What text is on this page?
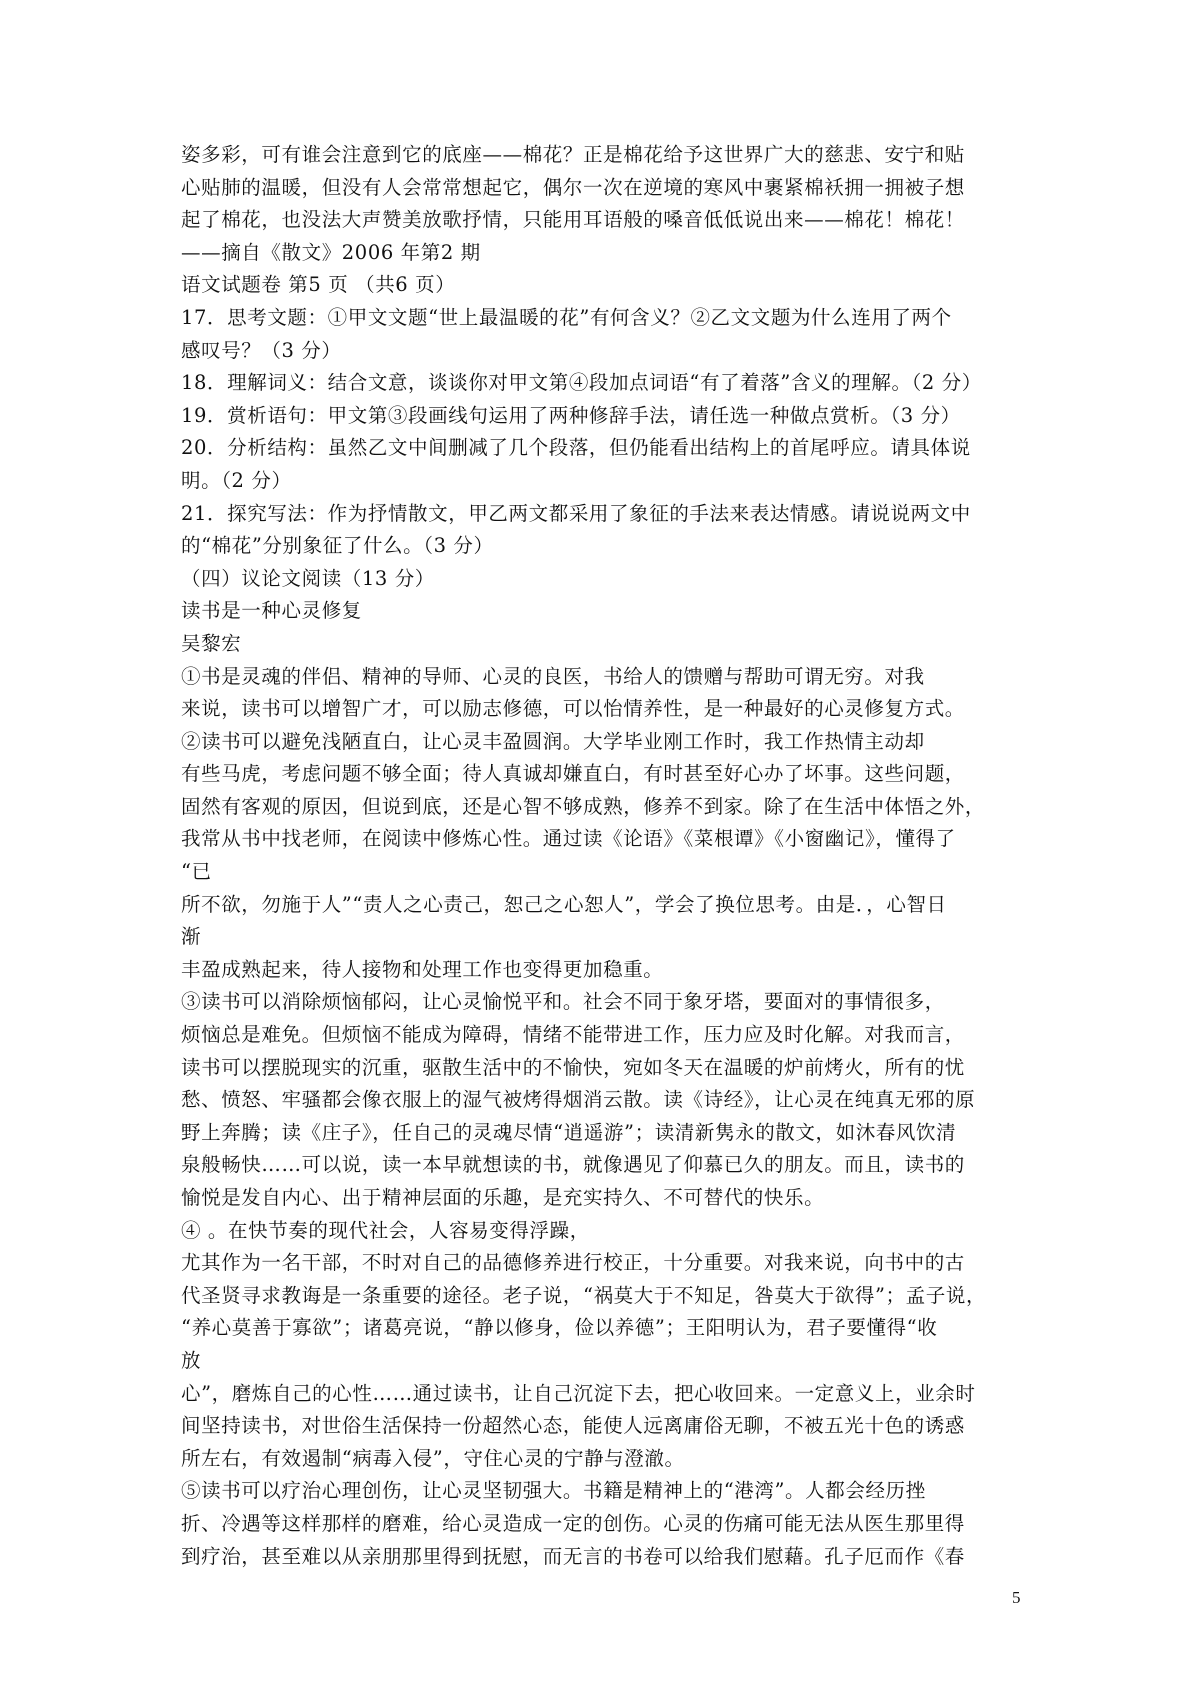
姿多彩，可有谁会注意到它的底座——棉花？正是棉花给予这世界广大的慈悲、安宁和贴
心贴肺的温暖，但没有人会常常想起它，偶尔一次在逆境的寒风中裹紧棉袄拥一拥被子想
起了棉花，也没法大声赞美放歌抒情，只能用耳语般的嗓音低低说出来——棉花！棉花！
——摘自《散文》2006 年第2 期
语文试题卷 第5 页 （共6 页）
17．思考文题：①甲文文题“世上最温暖的花”有何含义？②乙文文题为什么连用了两个
感叹号？（3 分）
18．理解词义：结合文意，谈谈你对甲文第④段加点词语“有了着落”含义的理解。（2 分）
19．赏析语句：甲文第③段画线句运用了两种修辞手法，请任选一种做点赏析。（3 分）
20．分析结构：虽然乙文中间删减了几个段落，但仍能看出结构上的首尾呼应。请具体说
明。（2 分）
21．探究写法：作为抒情散文，甲乙两文都采用了象征的手法来表达情感。请说说两文中
的“棉花”分别象征了什么。（3 分）
（四）议论文阅读（13 分）
读书是一种心灵修复
吴黎宏
①书是灵魂的伴侣、精神的导师、心灵的良医，书给人的馈赠与帮助可谓无穷。对我
来说，读书可以增智广才，可以励志修德，可以怡情养性，是一种最好的心灵修复方式。
②读书可以避免浅陋直白，让心灵丰盈圆润。大学毕业刚工作时，我工作热情主动却
有些马虎，考虑问题不够全面；待人真诚却嫌直白，有时甚至好心办了坏事。这些问题，
固然有客观的原因，但说到底，还是心智不够成熟，修养不到家。除了在生活中体悟之外，
我常从书中找老师，在阅读中修炼心性。通过读《论语》《菜根谭》《小窗幽记》，懂得了
“已
所不欲，勿施于人”“责人之心责己，恕己之心恕人”，学会了换位思考。由是．，心智日
渐
丰盈成熟起来，待人接物和处理工作也变得更加稳重。
③读书可以消除烦恼郁闷，让心灵愉悦平和。社会不同于象牙塔，要面对的事情很多，
烦恼总是难免。但烦恼不能成为障碍，情绪不能带进工作，压力应及时化解。对我而言，
读书可以摆脱现实的沉重，驱散生活中的不愉快，宛如冬天在温暖的炉前烤火，所有的忧
愁、愤怒、牢骚都会像衣服上的湿气被烤得烟消云散。读《诗经》，让心灵在纯真无邪的原
野上奔腾；读《庄子》，任自己的灵魂尽情“逍遥游”；读清新隽永的散文，如沐春风饮清
泉般畅快……可以说，读一本早就想读的书，就像遇见了仰慕已久的朋友。而且，读书的
愉悦是发自内心、出于精神层面的乐趣，是充实持久、不可替代的快乐。
④ 。在快节奏的现代社会，人容易变得浮躁，
尤其作为一名干部，不时对自己的品德修养进行校正，十分重要。对我来说，向书中的古
代圣贤寻求教诲是一条重要的途径。老子说，“祸莫大于不知足，咎莫大于欲得”；孟子说，
“养心莫善于寡欲”；诸葛亮说，“静以修身，俭以养德”；王阳明认为，君子要懂得“收
放
心”，磨炼自己的心性……通过读书，让自己沉淀下去，把心收回来。一定意义上，业余时
间坚持读书，对世俗生活保持一份超然心态，能使人远离庸俗无聊，不被五光十色的诱惑
所左右，有效遏制“病毒入侵”，守住心灵的宁静与澄澈。
⑤读书可以疗治心理创伤，让心灵坚韧强大。书籍是精神上的“港湾”。人都会经历挫
折、冷遇等这样那样的磨难，给心灵造成一定的创伤。心灵的伤痛可能无法从医生那里得
到疗治，甚至难以从亲朋那里得到抚慰，而无言的书卷可以给我们慰藉。孔子厄而作《春
5
